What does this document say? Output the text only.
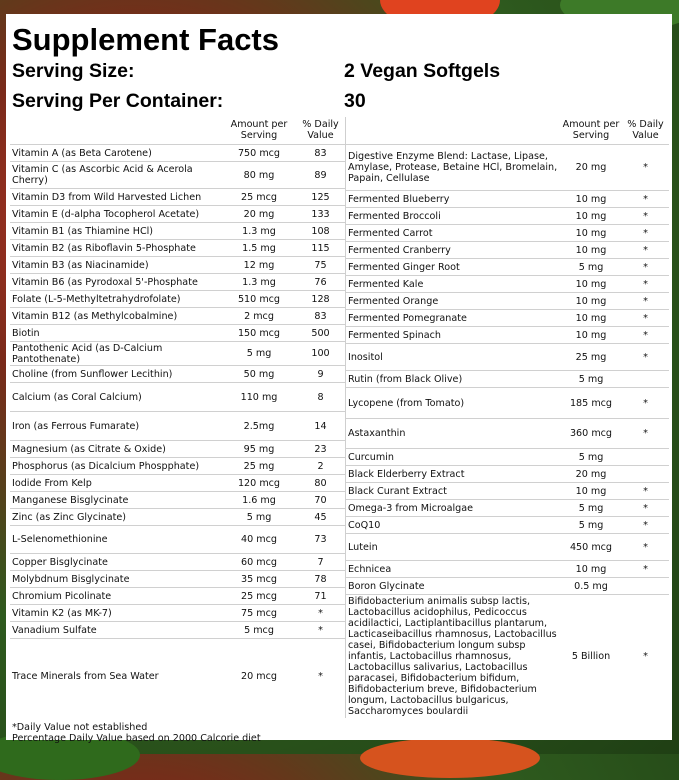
Supplement Facts
Serving Size:	2 Vegan Softgels
Serving Per Container:	30
	Amount per Serving	% Daily Value
Vitamin A (as Beta Carotene)	750 mcg	83
Vitamin C (as Ascorbic Acid & Acerola Cherry)	80 mg	89
Vitamin D3 from Wild Harvested Lichen	25 mcg	125
Vitamin E (d-alpha Tocopherol Acetate)	20 mg	133
Vitamin B1 (as Thiamine HCl)	1.3 mg	108
Vitamin B2 (as Riboflavin 5-Phosphate	1.5 mg	115
Vitamin B3 (as Niacinamide)	12 mg	75
Vitamin B6 (as Pyrodoxal 5'-Phosphate	1.3 mg	76
Folate (L-5-Methyltetrahydrofolate)	510 mcg	128
Vitamin B12 (as Methylcobalmine)	2 mcg	83
Biotin	150 mcg	500
Pantothenic Acid (as D-Calcium Pantothenate)	5 mg	100
Choline (from Sunflower Lecithin)	50 mg	9
Calcium (as Coral Calcium)	110 mg	8
Iron (as Ferrous Fumarate)	2.5mg	14
Magnesium (as Citrate & Oxide)	95 mg	23
Phosphorus (as Dicalcium Phospphate)	25 mg	2
Iodide From Kelp	120 mcg	80
Manganese Bisglycinate	1.6 mg	70
Zinc (as Zinc Glycinate)	5 mg	45
L-Selenomethionine	40 mcg	73
Copper Bisglycinate	60 mcg	7
Molybdnum Bisglycinate	35 mcg	78
Chromium Picolinate	25 mcg	71
Vitamin K2 (as MK-7)	75 mcg	*
Vanadium Sulfate	5 mcg	*
Trace Minerals from Sea Water	20 mcg	*
	Amount per Serving	% Daily Value
Digestive Enzyme Blend: Lactase, Lipase, Amylase, Protease, Betaine HCl, Bromelain, Papain, Cellulase	20 mg	*
Fermented Blueberry	10 mg	*
Fermented Broccoli	10 mg	*
Fermented Carrot	10 mg	*
Fermented Cranberry	10 mg	*
Fermented Ginger Root	5 mg	*
Fermented Kale	10 mg	*
Fermented Orange	10 mg	*
Fermented Pomegranate	10 mg	*
Fermented Spinach	10 mg	*
Inositol	25 mg	*
Rutin (from Black Olive)	5 mg	
Lycopene (from Tomato)	185 mcg	*
Astaxanthin	360 mcg	*
Curcumin	5 mg	
Black Elderberry Extract	20 mg	
Black Curant Extract	10 mg	*
Omega-3 from Microalgae	5 mg	*
CoQ10	5 mg	*
Lutein	450 mcg	*
Echnicea	10 mg	*
Boron Glycinate	0.5 mg	
Bifidobacterium animalis subsp lactis, Lactobacillus acidophilus, Pedicoccus acidilactici, Lactiplantibacillus plantarum, Lacticaseibacillus rhamnosus, Lactobacillus casei, Bifidobacterium longum subsp infantis, Lactobacillus rhamnosus, Lactobacillus salivarius, Lactobacillus paracasei, Bifidobacterium bifidum, Bifidobacterium breve, Bifidobacterium longum, Lactobacillus bulgaricus, Saccharomyces boulardii	5 Billion	*
*Daily Value not established
Percentage Daily Value based on 2000 Calcorie diet
